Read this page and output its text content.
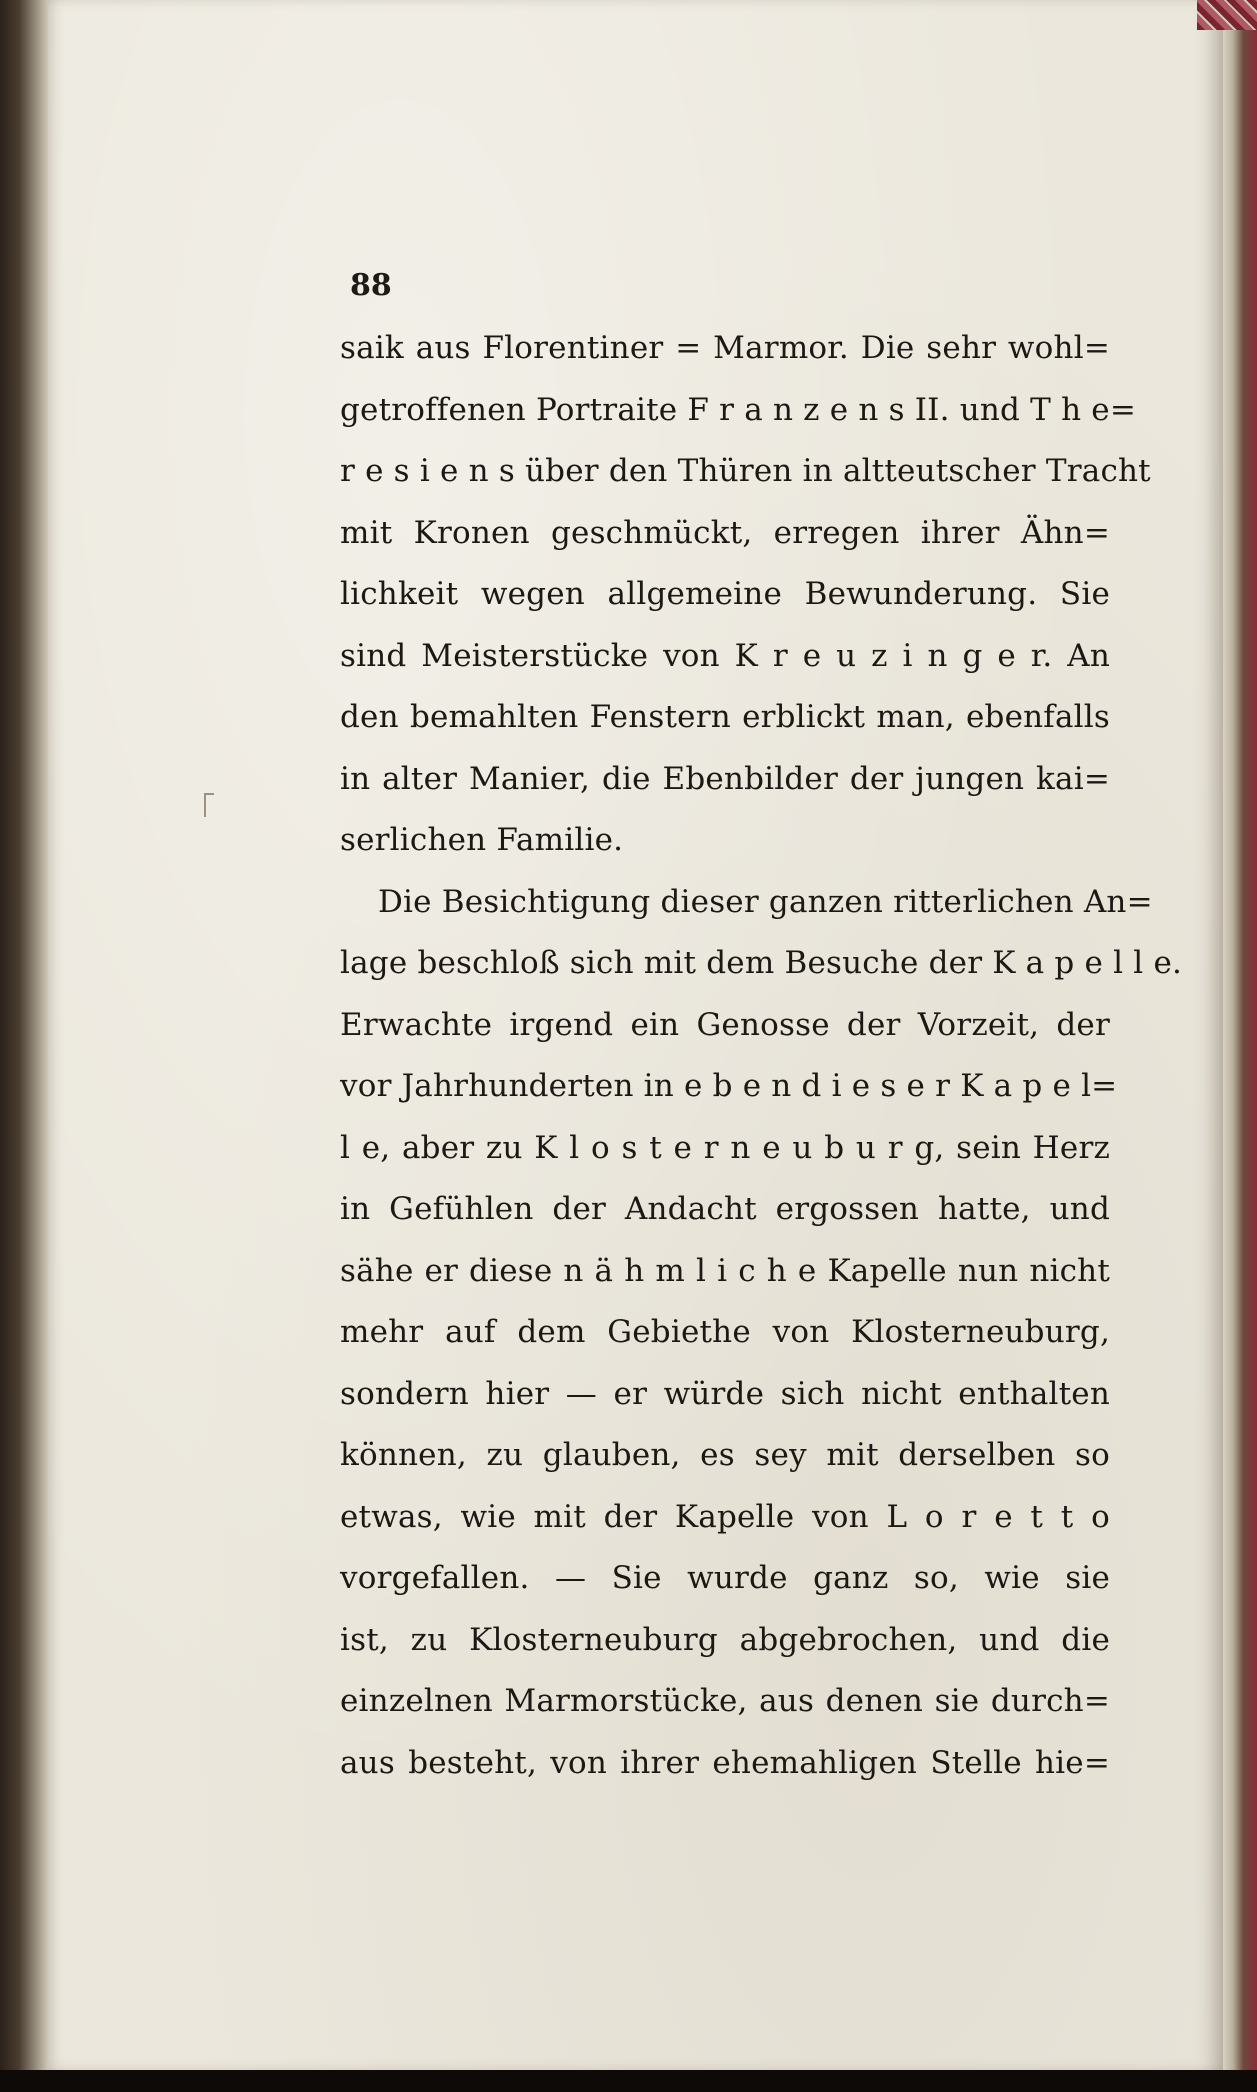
88
saik aus Florentiner = Marmor. Die sehr wohl=
getroffenen Portraite F r a n z e n s II. und T h e=
r e s i e n s über den Thüren in altteutscher Tracht
mit Kronen geschmückt, erregen ihrer Ähn=
lichkeit wegen allgemeine Bewunderung. Sie
sind Meisterstücke von K r e u z i n g e r. An
den bemahlten Fenstern erblickt man, ebenfalls
in alter Manier, die Ebenbilder der jungen kai=
serlichen Familie.
Die Besichtigung dieser ganzen ritterlichen An=
lage beschloß sich mit dem Besuche der K a p e l l e.
Erwachte irgend ein Genosse der Vorzeit, der
vor Jahrhunderten in e b e n d i e s e r K a p e l=
l e, aber zu K l o s t e r n e u b u r g, sein Herz
in Gefühlen der Andacht ergossen hatte, und
sähe er diese n ä h m l i c h e Kapelle nun nicht
mehr auf dem Gebiethe von Klosterneuburg,
sondern hier — er würde sich nicht enthalten
können, zu glauben, es sey mit derselben so
etwas, wie mit der Kapelle von L o r e t t o
vorgefallen. — Sie wurde ganz so, wie sie
ist, zu Klosterneuburg abgebrochen, und die
einzelnen Marmorstücke, aus denen sie durch=
aus besteht, von ihrer ehemahligen Stelle hie=
